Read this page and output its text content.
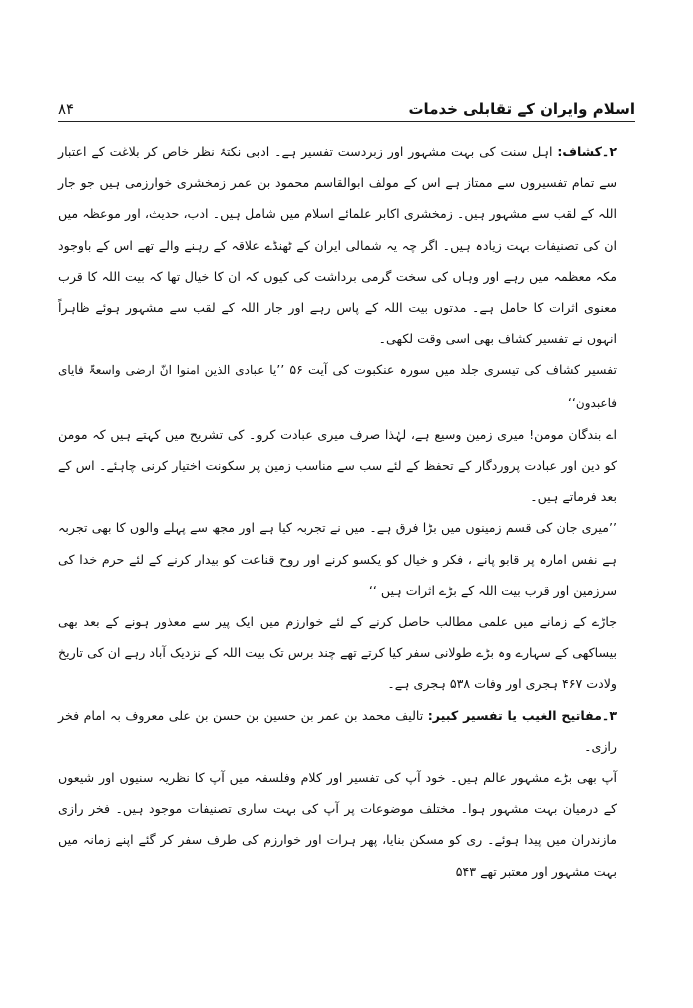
۸۴	اسلام وایران کے تقابلی خدمات

۲۔کشاف: اہل سنت کی بہت مشہور اور زبردست تفسیر ہے۔ ادبی نکتۂ نظر خاص کر بلاغت کے اعتبار سے تمام تفسیروں سے ممتاز ہے اس کے مولف ابوالقاسم محمود بن عمر زمخشری خوارزمی ہیں جو جار اللہ کے لقب سے مشہور ہیں۔ زمخشری اکابر علمائے اسلام میں شامل ہیں۔ ادب، حدیث، اور موعظہ میں ان کی تصنیفات بہت زیادہ ہیں۔ اگر چہ یہ شمالی ایران کے ٹھنڈے علاقہ کے رہنے والے تھے اس کے باوجود مکہ معظمہ میں رہے اور وہاں کی سخت گرمی برداشت کی کیوں کہ ان کا خیال تھا کہ بیت اللہ کا قرب معنوی اثرات کا حامل ہے۔ مدتوں بیت اللہ کے پاس رہے اور جار اللہ کے لقب سے مشہور ہوئے ظاہراً انہوں نے تفسیر کشاف بھی اسی وقت لکھی۔

تفسیر کشاف کی تیسری جلد میں سورہ عنکبوت کی آیت ۵۶ ’’یا عبادی الذین امنوا انّ ارضی واسعۃٌ فایای فاعبدون‘‘

اے بندگان مومن! میری زمین وسیع ہے، لہٰذا صرف میری عبادت کرو۔ کی تشریح میں کہتے ہیں کہ مومن کو دین اور عبادت پروردگار کے تحفظ کے لئے سب سے مناسب زمین پر سکونت اختیار کرنی چاہئے۔ اس کے بعد فرماتے ہیں۔

’’میری جان کی قسم زمینوں میں بڑا فرق ہے۔ میں نے تجربہ کیا ہے اور مجھ سے پہلے والوں کا بھی تجربہ ہے نفس امارہ پر قابو پانے ، فکر و خیال کو یکسو کرنے اور روح قناعت کو بیدار کرنے کے لئے حرم خدا کی سرزمین اور قرب بیت اللہ کے بڑے اثرات ہیں ‘‘

جاڑے کے زمانے میں علمی مطالب حاصل کرنے کے لئے خوارزم میں ایک پیر سے معذور ہونے کے بعد بھی بیساکھی کے سہارے وہ بڑے طولانی سفر کیا کرتے تھے چند برس تک بیت اللہ کے نزدیک آباد رہے ان کی تاریخ ولادت ۴۶۷ ہجری اور وفات ۵۳۸ ہجری ہے۔

۳۔مفاتیح الغیب یا تفسیر کبیر: تالیف محمد بن عمر بن حسین بن حسن بن علی معروف بہ امام فخر رازی۔

آپ بھی بڑے مشہور عالم ہیں۔ خود آپ کی تفسیر اور کلام وفلسفہ میں آپ کا نظریہ سنیوں اور شیعوں کے درمیان بہت مشہور ہوا۔ مختلف موضوعات پر آپ کی بہت ساری تصنیفات موجود ہیں۔ فخر رازی مازندران میں پیدا ہوئے۔ ری کو مسکن بنایا، پھر ہرات اور خوارزم کی طرف سفر کر گئے اپنے زمانہ میں بہت مشہور اور معتبر تھے ۵۴۳
